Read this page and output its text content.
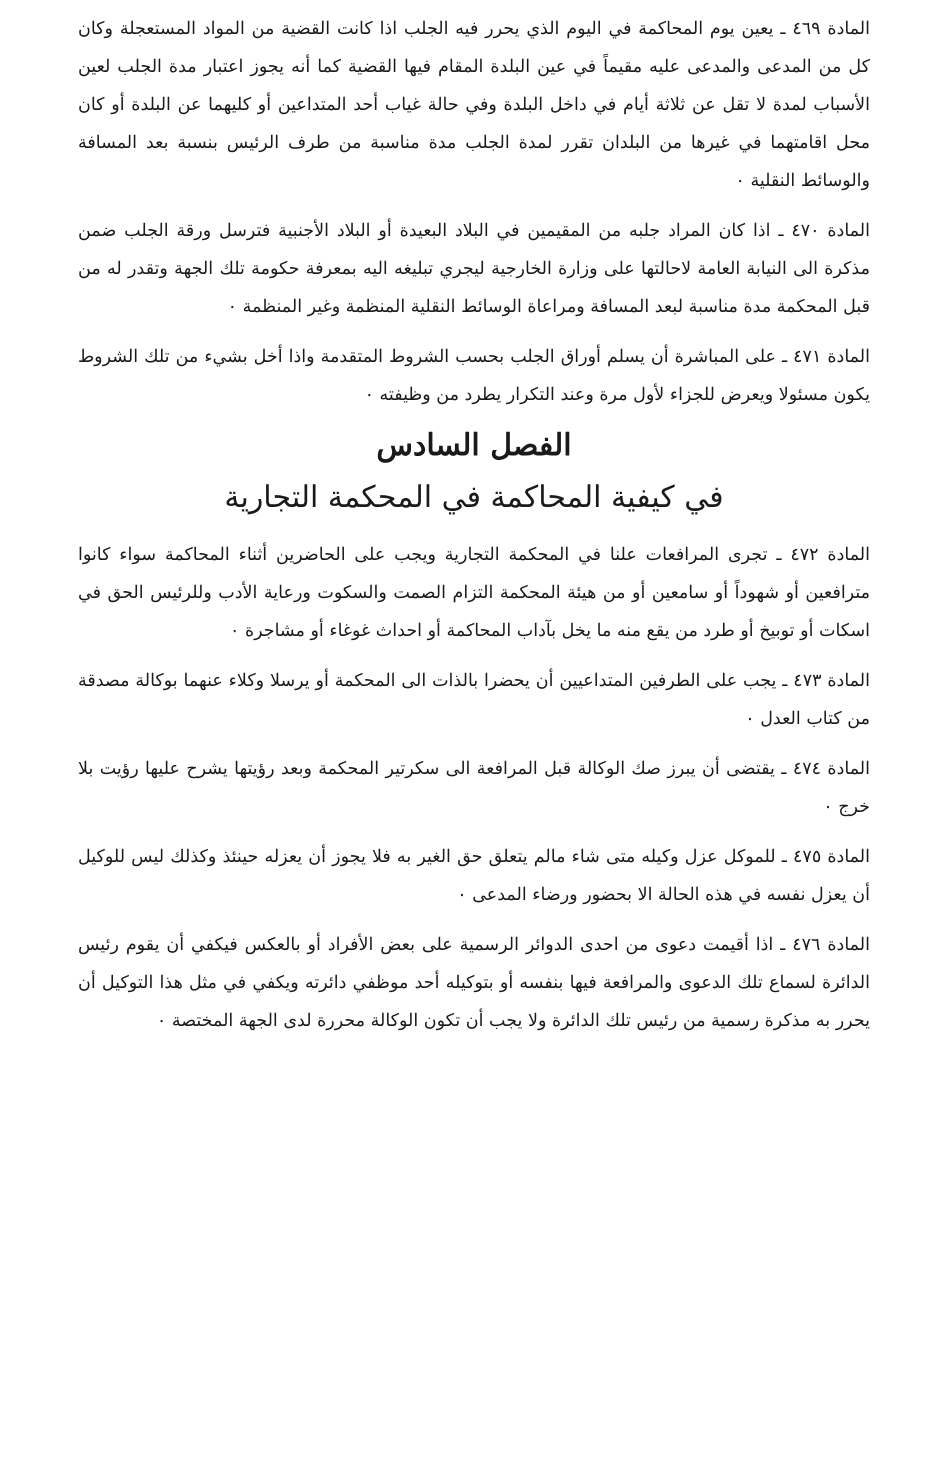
المادة ٤٦٩ ـ يعين يوم المحاكمة في اليوم الذي يحرر فيه الجلب اذا كانت القضية من المواد المستعجلة وكان كل من المدعى والمدعى عليه مقيماً في عين البلدة المقام فيها القضية كما أنه يجوز اعتبار مدة الجلب لعين الأسباب لمدة لا تقل عن ثلاثة أيام في داخل البلدة وفي حالة غياب أحد المتداعين أو كليهما عن البلدة أو كان محل اقامتهما في غيرها من البلدان تقرر لمدة الجلب مدة مناسبة من طرف الرئيس بنسبة بعد المسافة والوسائط النقلية ٠

المادة ٤٧٠ ـ اذا كان المراد جلبه من المقيمين في البلاد البعيدة أو البلاد الأجنبية فترسل ورقة الجلب ضمن مذكرة الى النيابة العامة لاحالتها على وزارة الخارجية ليجري تبليغه اليه بمعرفة حكومة تلك الجهة وتقدر له من قبل المحكمة مدة مناسبة لبعد المسافة ومراعاة الوسائط النقلية المنظمة وغير المنظمة ٠

المادة ٤٧١ ـ على المباشرة أن يسلم أوراق الجلب بحسب الشروط المتقدمة واذا أخل بشيء من تلك الشروط يكون مسئولا ويعرض للجزاء لأول مرة وعند التكرار يطرد من وظيفته ٠

الفصل السادس
في كيفية المحاكمة في المحكمة التجارية

المادة ٤٧٢ ـ تجرى المرافعات علنا في المحكمة التجارية ويجب على الحاضرين أثناء المحاكمة سواء كانوا مترافعين أو شهوداً أو سامعين أو من هيئة المحكمة التزام الصمت والسكوت ورعاية الأدب وللرئيس الحق في اسكات أو توبيخ أو طرد من يقع منه ما يخل بآداب المحاكمة أو احداث غوغاء أو مشاجرة ٠

المادة ٤٧٣ ـ يجب على الطرفين المتداعيين أن يحضرا بالذات الى المحكمة أو يرسلا وكلاء عنهما بوكالة مصدقة من كتاب العدل ٠

المادة ٤٧٤ ـ يقتضى أن يبرز صك الوكالة قبل المرافعة الى سكرتير المحكمة وبعد رؤيتها يشرح عليها رؤيت بلا خرج ٠

المادة ٤٧٥ ـ للموكل عزل وكيله متى شاء مالم يتعلق حق الغير به فلا يجوز أن يعزله حينئذ وكذلك ليس للوكيل أن يعزل نفسه في هذه الحالة الا بحضور ورضاء المدعى ٠

المادة ٤٧٦ ـ اذا أقيمت دعوى من احدى الدوائر الرسمية على بعض الأفراد أو بالعكس فيكفي أن يقوم رئيس الدائرة لسماع تلك الدعوى والمرافعة فيها بنفسه أو بتوكيله أحد موظفي دائرته ويكفي في مثل هذا التوكيل أن يحرر به مذكرة رسمية من رئيس تلك الدائرة ولا يجب أن تكون الوكالة محررة لدى الجهة المختصة ٠
